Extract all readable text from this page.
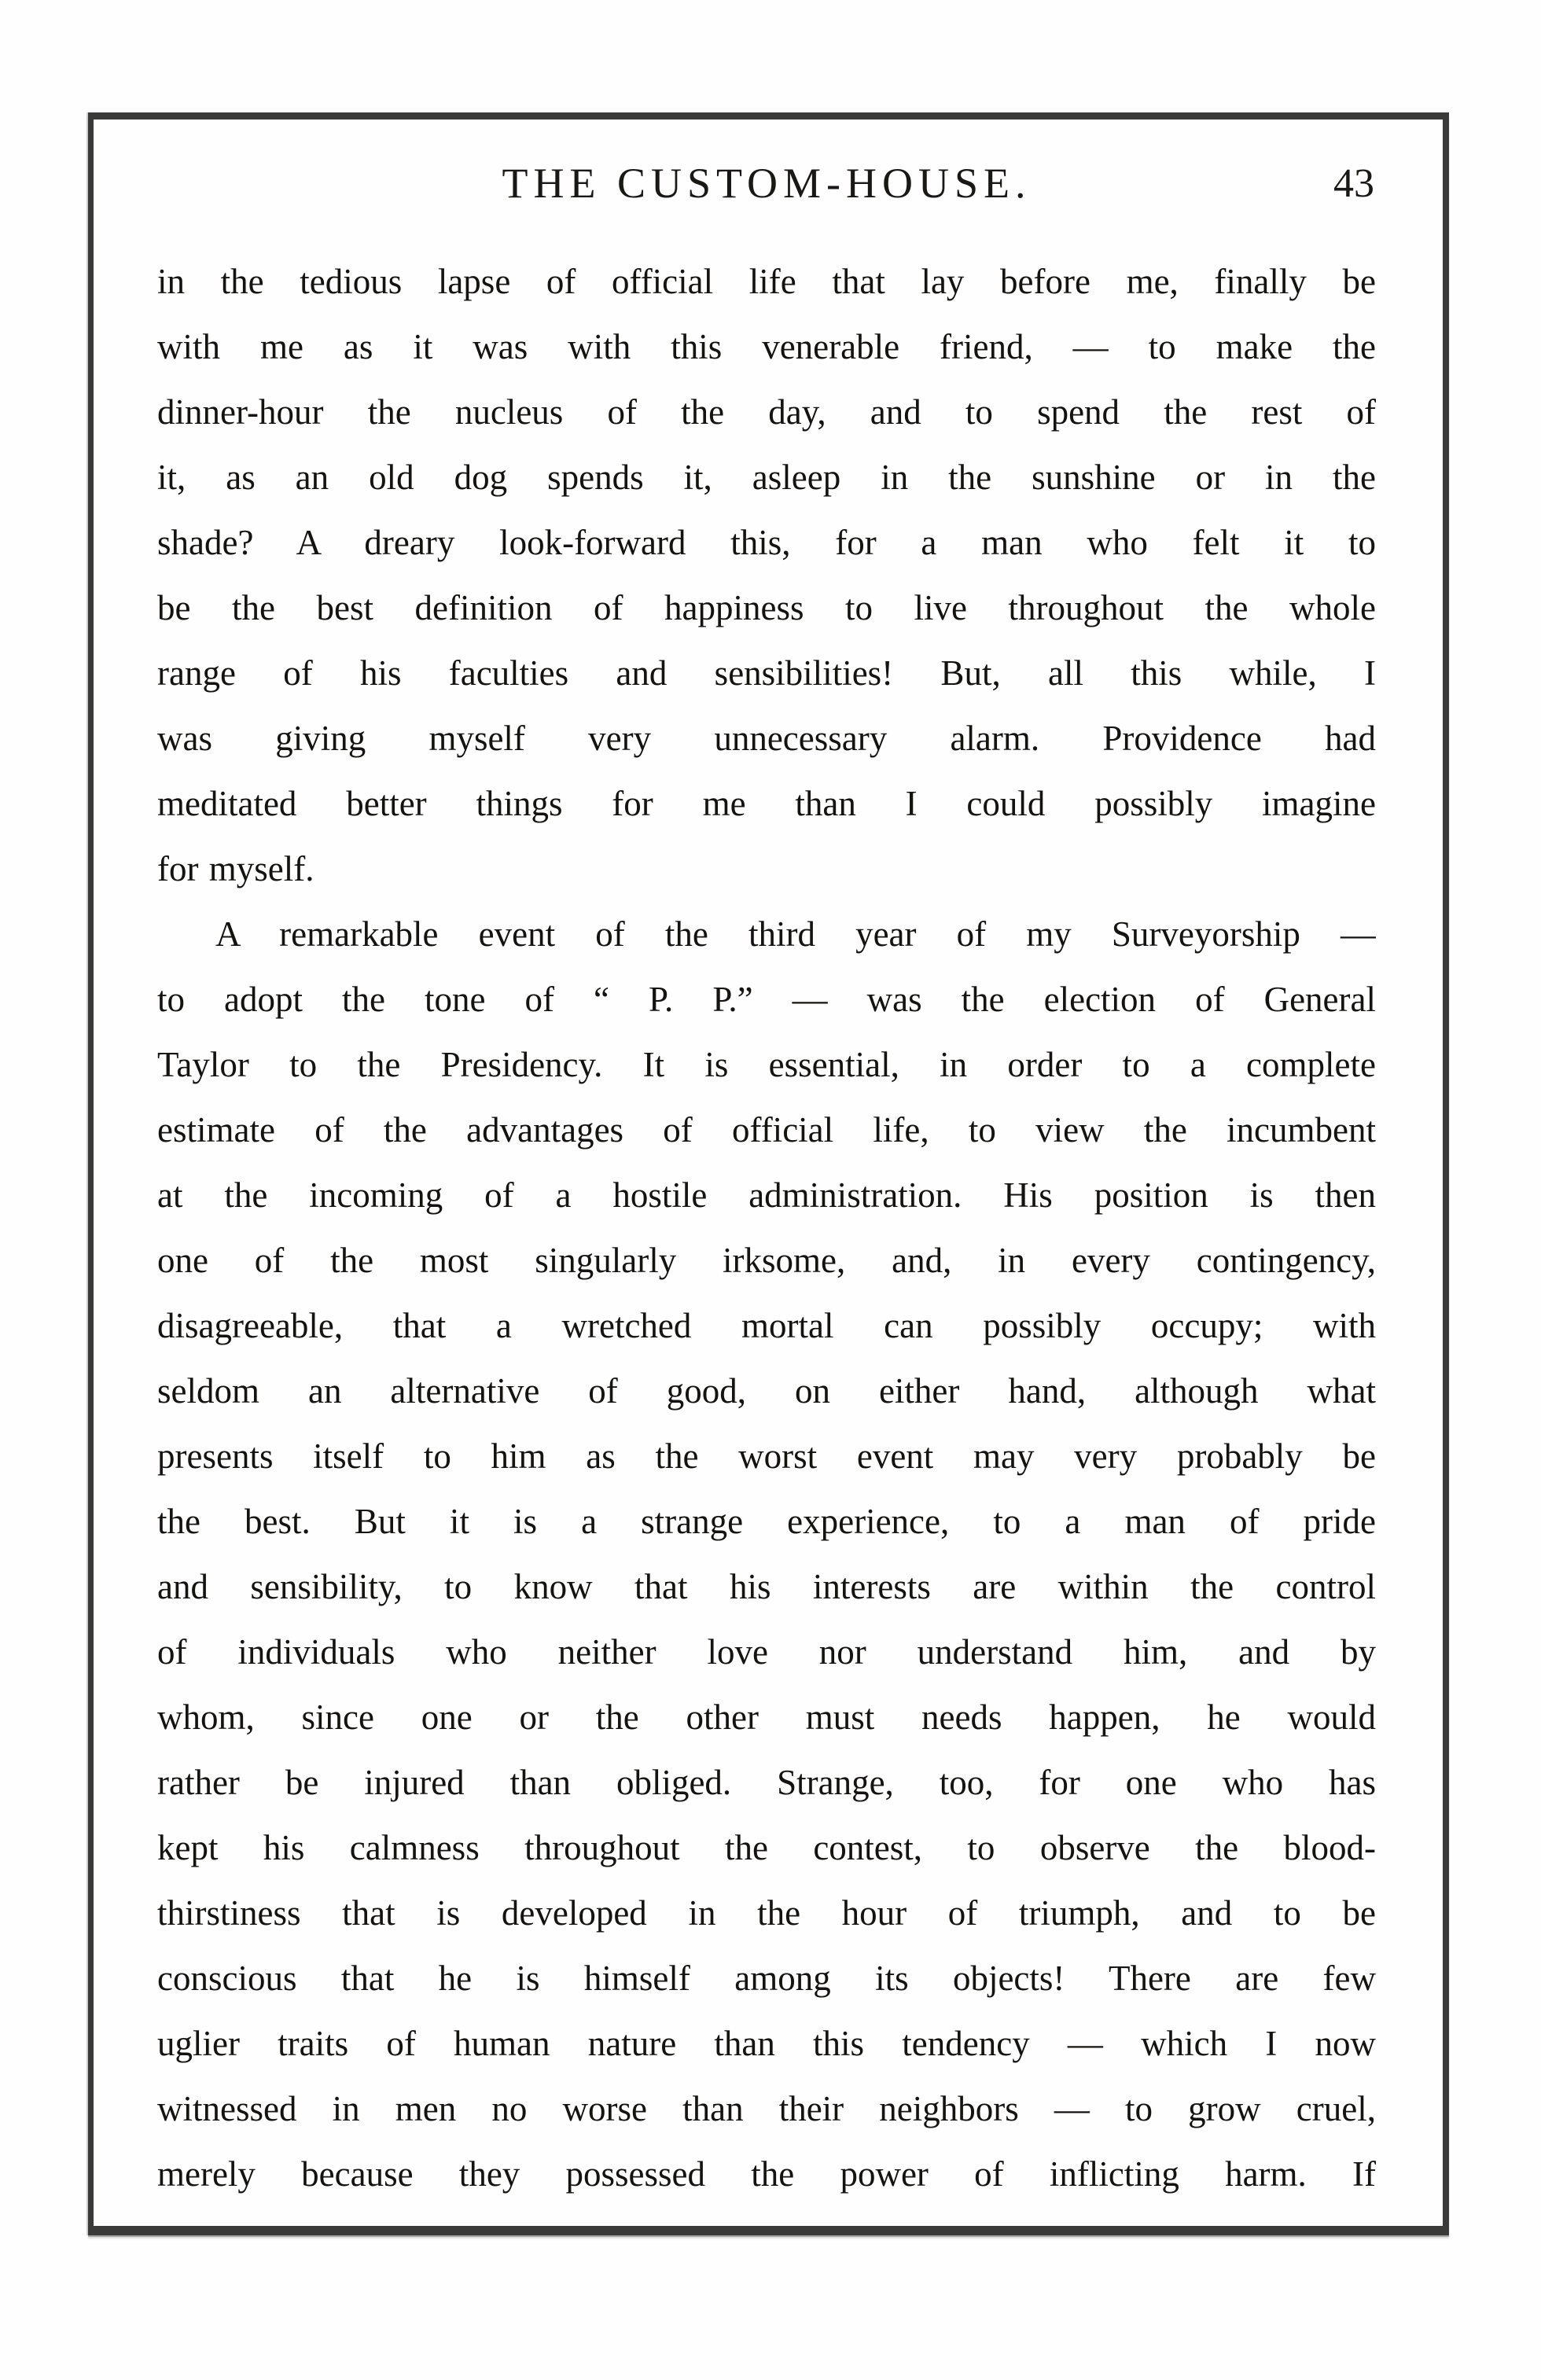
THE CUSTOM-HOUSE.	43
in the tedious lapse of official life that lay before me, finally be
with me as it was with this venerable friend, — to make the
dinner-hour the nucleus of the day, and to spend the rest of
it, as an old dog spends it, asleep in the sunshine or in the
shade? A dreary look-forward this, for a man who felt it to
be the best definition of happiness to live throughout the whole
range of his faculties and sensibilities! But, all this while, I
was giving myself very unnecessary alarm. Providence had
meditated better things for me than I could possibly imagine
for myself.
A remarkable event of the third year of my Surveyorship —
to adopt the tone of “ P. P.” — was the election of General
Taylor to the Presidency. It is essential, in order to a complete
estimate of the advantages of official life, to view the incumbent
at the incoming of a hostile administration. His position is then
one of the most singularly irksome, and, in every contingency,
disagreeable, that a wretched mortal can possibly occupy; with
seldom an alternative of good, on either hand, although what
presents itself to him as the worst event may very probably be
the best. But it is a strange experience, to a man of pride
and sensibility, to know that his interests are within the control
of individuals who neither love nor understand him, and by
whom, since one or the other must needs happen, he would
rather be injured than obliged. Strange, too, for one who has
kept his calmness throughout the contest, to observe the blood-
thirstiness that is developed in the hour of triumph, and to be
conscious that he is himself among its objects! There are few
uglier traits of human nature than this tendency — which I now
witnessed in men no worse than their neighbors — to grow cruel,
merely because they possessed the power of inflicting harm. If
